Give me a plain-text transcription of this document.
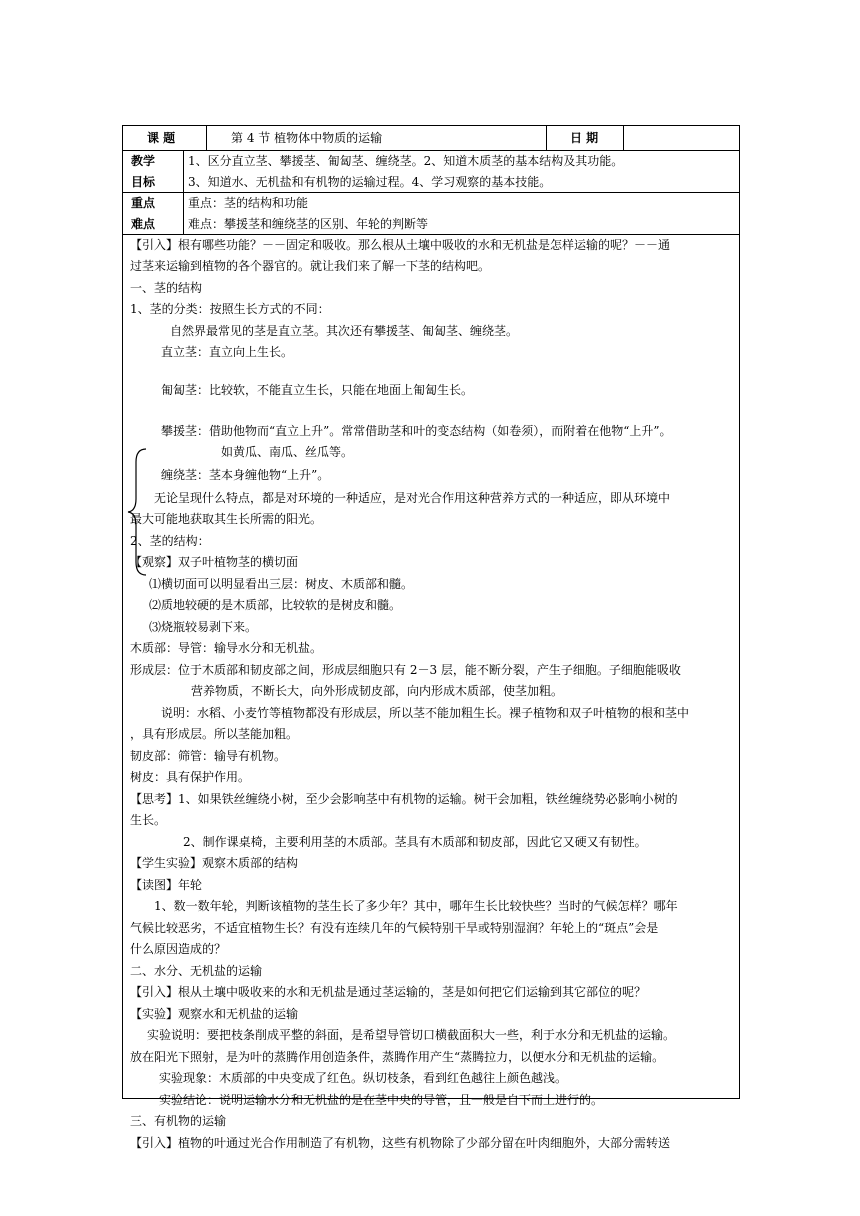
课 题	第 4 节 植物体中物质的运输	日 期
教学
目标
1、区分直立茎、攀援茎、匍匐茎、缠绕茎。2、知道木质茎的基本结构及其功能。
3、知道水、无机盐和有机物的运输过程。4、学习观察的基本技能。
重点
难点
重点：茎的结构和功能
难点：攀援茎和缠绕茎的区别、年轮的判断等
【引入】根有哪些功能？－－固定和吸收。那么根从土壤中吸收的水和无机盐是怎样运输的呢？－－通
过茎来运输到植物的各个器官的。就让我们来了解一下茎的结构吧。
一、茎的结构
1、茎的分类：按照生长方式的不同：
自然界最常见的茎是直立茎。其次还有攀援茎、匍匐茎、缠绕茎。
直立茎：直立向上生长。
匍匐茎：比较软，不能直立生长，只能在地面上匍匐生长。
攀援茎：借助他物而“直立上升”。常常借助茎和叶的变态结构（如卷须），而附着在他物“上升”。
如黄瓜、南瓜、丝瓜等。
缠绕茎：茎本身缠他物“上升”。
无论呈现什么特点，都是对环境的一种适应，是对光合作用这种营养方式的一种适应，即从环境中
最大可能地获取其生长所需的阳光。
2、茎的结构：
【观察】双子叶植物茎的横切面
⑴横切面可以明显看出三层：树皮、木质部和髓。
⑵质地较硬的是木质部，比较软的是树皮和髓。
⑶烧瓶较易剥下来。
木质部：导管：输导水分和无机盐。
形成层：位于木质部和韧皮部之间，形成层细胞只有 2－3 层，能不断分裂，产生子细胞。子细胞能吸收
营养物质，不断长大，向外形成韧皮部，向内形成木质部，使茎加粗。
说明：水稻、小麦竹等植物都没有形成层，所以茎不能加粗生长。裸子植物和双子叶植物的根和茎中
，具有形成层。所以茎能加粗。
韧皮部：筛管：输导有机物。
树皮：具有保护作用。
【思考】1、如果铁丝缠绕小树，至少会影响茎中有机物的运输。树干会加粗，铁丝缠绕势必影响小树的
生长。
2、制作课桌椅，主要利用茎的木质部。茎具有木质部和韧皮部，因此它又硬又有韧性。
【学生实验】观察木质部的结构
【读图】年轮
1、数一数年轮，判断该植物的茎生长了多少年？其中，哪年生长比较快些？当时的气候怎样？哪年
气候比较恶劣，不适宜植物生长？有没有连续几年的气候特别干旱或特别湿润？年轮上的“斑点”会是
什么原因造成的？
二、水分、无机盐的运输
【引入】根从土壤中吸收来的水和无机盐是通过茎运输的，茎是如何把它们运输到其它部位的呢？
【实验】观察水和无机盐的运输
实验说明：要把枝条削成平整的斜面，是希望导管切口横截面积大一些，利于水分和无机盐的运输。
放在阳光下照射，是为叶的蒸腾作用创造条件，蒸腾作用产生“蒸腾拉力，以便水分和无机盐的运输。
实验现象：木质部的中央变成了红色。纵切枝条，看到红色越往上颜色越浅。
实验结论：说明运输水分和无机盐的是在茎中央的导管，且一般是自下而上进行的。
三、有机物的运输
【引入】植物的叶通过光合作用制造了有机物，这些有机物除了少部分留在叶肉细胞外，大部分需转送
